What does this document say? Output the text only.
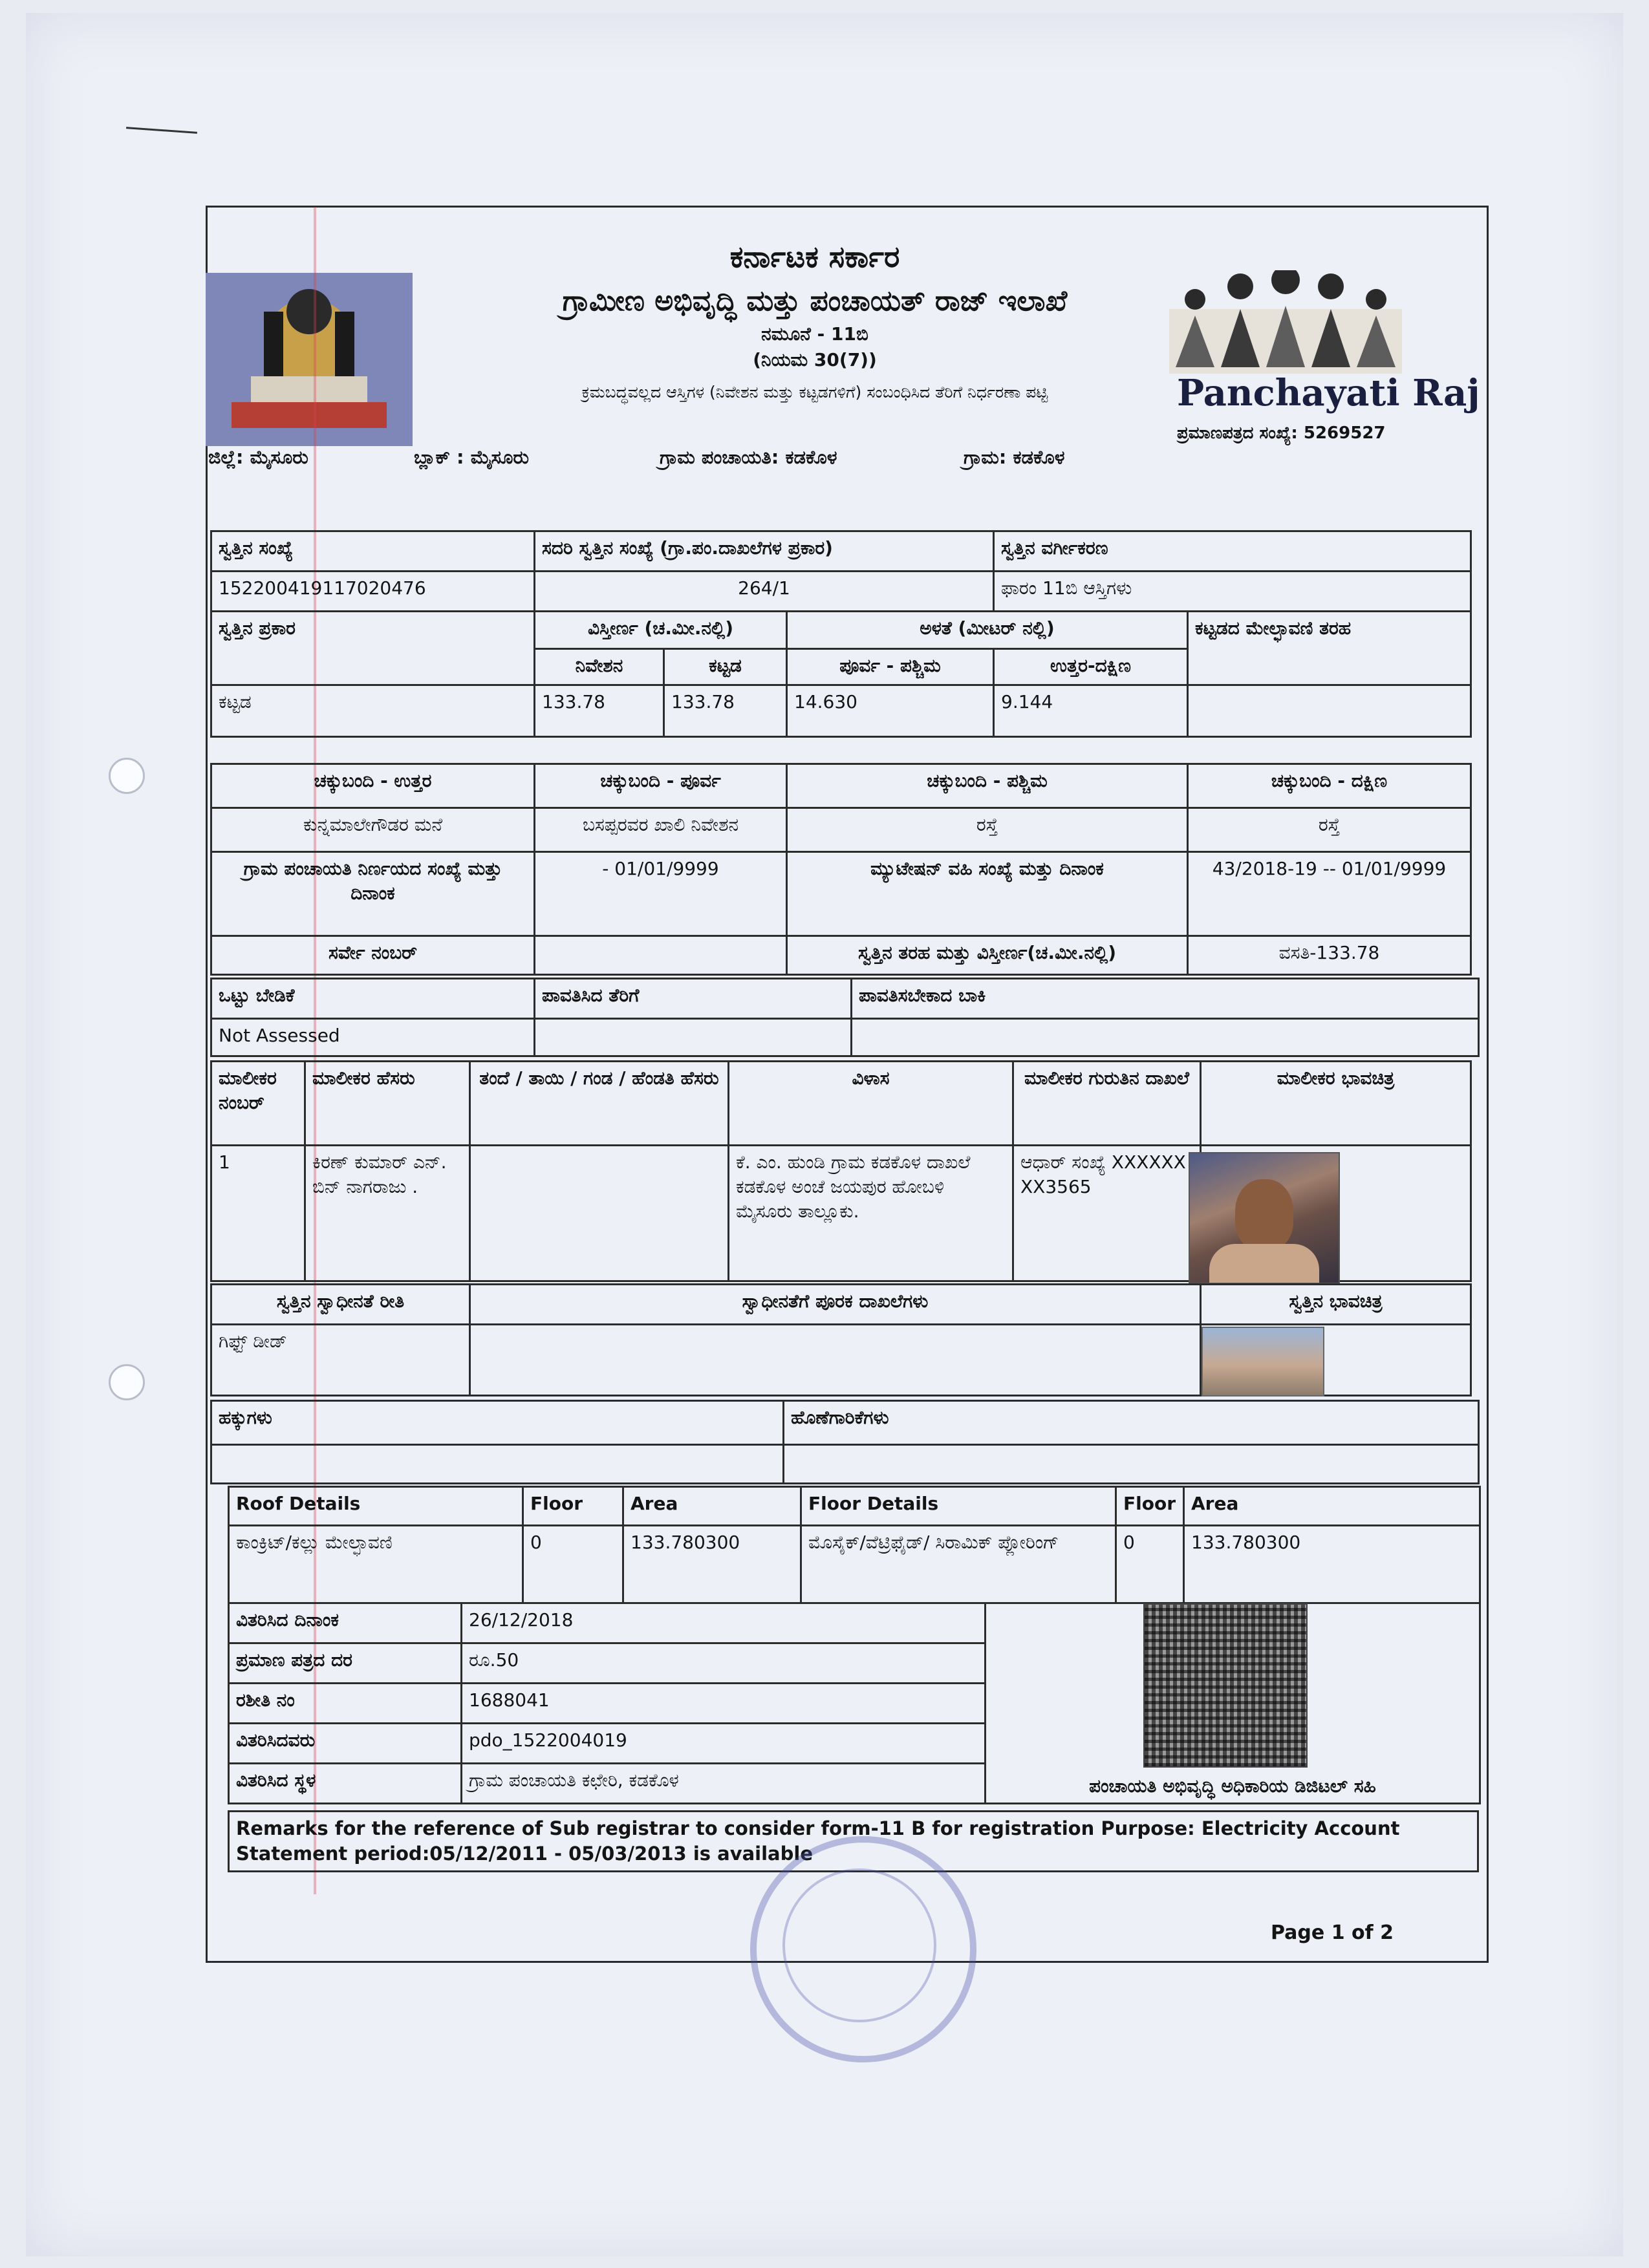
Panchayati Raj
ಕರ್ನಾಟಕ ಸರ್ಕಾರ
ಗ್ರಾಮೀಣ ಅಭಿವೃದ್ಧಿ ಮತ್ತು ಪಂಚಾಯತ್ ರಾಜ್ ಇಲಾಖೆ
ನಮೂನೆ - 11ಬಿ
(ನಿಯಮ 30(7))
ಕ್ರಮಬದ್ಧವಲ್ಲದ ಆಸ್ತಿಗಳ (ನಿವೇಶನ ಮತ್ತು ಕಟ್ಟಡಗಳಿಗೆ) ಸಂಬಂಧಿಸಿದ ತೆರಿಗೆ ನಿರ್ಧರಣಾ ಪಟ್ಟಿ
ಪ್ರಮಾಣಪತ್ರದ ಸಂಖ್ಯೆ: 5269527
ಜಿಲ್ಲೆ: ಮೈಸೂರು	ಬ್ಲಾಕ್ : ಮೈಸೂರು	ಗ್ರಾಮ ಪಂಚಾಯತಿ: ಕಡಕೊಳ	ಗ್ರಾಮ: ಕಡಕೊಳ
ಸ್ವತ್ತಿನ ಸಂಖ್ಯೆ	ಸದರಿ ಸ್ವತ್ತಿನ ಸಂಖ್ಯೆ (ಗ್ರಾ.ಪಂ.ದಾಖಲೆಗಳ ಪ್ರಕಾರ)			ಸ್ವತ್ತಿನ ವರ್ಗೀಕರಣ	
152200419117020476	264/1			ಫಾರಂ 11ಬಿ ಆಸ್ತಿಗಳು	
ಸ್ವತ್ತಿನ ಪ್ರಕಾರ	ವಿಸ್ತೀರ್ಣ (ಚ.ಮೀ.ನಲ್ಲಿ)		ಅಳತೆ (ಮೀಟರ್ ನಲ್ಲಿ)		ಕಟ್ಟಡದ ಮೇಲ್ಛಾವಣಿ ತರಹ
	ನಿವೇಶನ	ಕಟ್ಟಡ	ಪೂರ್ವ - ಪಶ್ಚಿಮ	ಉತ್ತರ-ದಕ್ಷಿಣ	
ಕಟ್ಟಡ	133.78	133.78	14.630	9.144	
ಚಕ್ಕುಬಂದಿ - ಉತ್ತರ	ಚಕ್ಕುಬಂದಿ - ಪೂರ್ವ	ಚಕ್ಕುಬಂದಿ - ಪಶ್ಚಿಮ	ಚಕ್ಕುಬಂದಿ - ದಕ್ಷಿಣ
ಕುನ್ನಮಾಲೇಗೌಡರ ಮನೆ	ಬಸಪ್ಪರವರ ಖಾಲಿ ನಿವೇಶನ	ರಸ್ತೆ	ರಸ್ತೆ
ಗ್ರಾಮ ಪಂಚಾಯತಿ ನಿರ್ಣಯದ ಸಂಖ್ಯೆ ಮತ್ತು ದಿನಾಂಕ	- 01/01/9999	ಮ್ಯುಟೇಷನ್ ವಹಿ ಸಂಖ್ಯೆ ಮತ್ತು ದಿನಾಂಕ	43/2018-19 -- 01/01/9999
ಸರ್ವೇ ನಂಬರ್		ಸ್ವತ್ತಿನ ತರಹ ಮತ್ತು ವಿಸ್ತೀರ್ಣ(ಚ.ಮೀ.ನಲ್ಲಿ)	ವಸತಿ-133.78
ಒಟ್ಟು ಬೇಡಿಕೆ	ಪಾವತಿಸಿದ ತೆರಿಗೆ	ಪಾವತಿಸಬೇಕಾದ ಬಾಕಿ
Not Assessed		
ಮಾಲೀಕರ ನಂಬರ್	ಮಾಲೀಕರ ಹೆಸರು	ತಂದೆ / ತಾಯಿ / ಗಂಡ / ಹೆಂಡತಿ ಹೆಸರು	ವಿಳಾಸ	ಮಾಲೀಕರ ಗುರುತಿನ ದಾಖಲೆ	ಮಾಲೀಕರ ಭಾವಚಿತ್ರ
1	ಕಿರಣ್ ಕುಮಾರ್ ಎನ್. ಬಿನ್ ನಾಗರಾಜು .		ಕೆ. ಎಂ. ಹುಂಡಿ ಗ್ರಾಮ ಕಡಕೊಳ ದಾಖಲೆ ಕಡಕೊಳ ಅಂಚೆ ಜಯಪುರ ಹೋಬಳಿ ಮೈಸೂರು ತಾಲ್ಲೂಕು.	ಆಧಾರ್ ಸಂಖ್ಯೆ XXXXXXXX3565	
ಸ್ವತ್ತಿನ ಸ್ವಾಧೀನತೆ ರೀತಿ	ಸ್ವಾಧೀನತೆಗೆ ಪೂರಕ ದಾಖಲೆಗಳು	ಸ್ವತ್ತಿನ ಭಾವಚಿತ್ರ
ಗಿಫ್ಟ್ ಡೀಡ್		
ಹಕ್ಕುಗಳು	ಹೊಣೆಗಾರಿಕೆಗಳು

Roof Details	Floor	Area	Floor Details	Floor	Area
ಕಾಂಕ್ರಿಟ್/ಕಲ್ಲು ಮೇಲ್ಛಾವಣಿ	0	133.780300	ಮೊಸೈಕ್/ವೆಟ್ರಿಫೈಡ್/ ಸಿರಾಮಿಕ್ ಪ್ಲೋರಿಂಗ್	0	133.780300
ವಿತರಿಸಿದ ದಿನಾಂಕ	26/12/2018	ಪಂಚಾಯತಿ ಅಭಿವೃದ್ಧಿ ಅಧಿಕಾರಿಯ ಡಿಜಿಟಲ್ ಸಹಿ
ಪ್ರಮಾಣ ಪತ್ರದ ದರ	ರೂ.50	
ರಶೀತಿ ನಂ	1688041	
ವಿತರಿಸಿದವರು	pdo_1522004019	
ವಿತರಿಸಿದ ಸ್ಥಳ	ಗ್ರಾಮ ಪಂಚಾಯತಿ ಕಛೇರಿ, ಕಡಕೊಳ	
Remarks for the reference of Sub registrar to consider form-11 B for registration Purpose: Electricity Account Statement period:05/12/2011 - 05/03/2013 is available
Page 1 of 2
